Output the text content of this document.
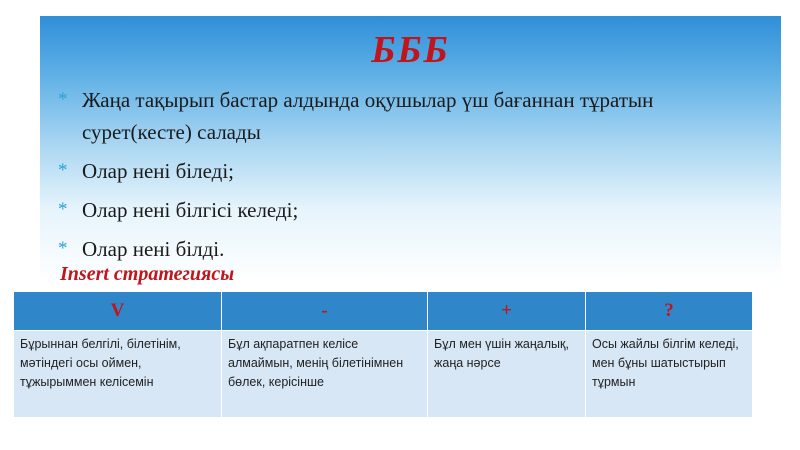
БББ
* Жаңа тақырып бастар алдында оқушылар үш бағаннан тұратын сурет(кесте) салады
* Олар нені біледі;
* Олар нені білгісі келеді;
* Олар нені білді.
Insert стратегиясы
V	-	+	?
Бұрыннан белгілі, білетінім, мәтіндегі осы оймен, тұжырыммен келісемін	Бұл ақпаратпен келісе алмаймын, менің білетінімнен бөлек, керісінше	Бұл мен үшін жаңалық, жаңа нәрсе	Осы жайлы білгім келеді, мен бұны шатыстырып тұрмын
